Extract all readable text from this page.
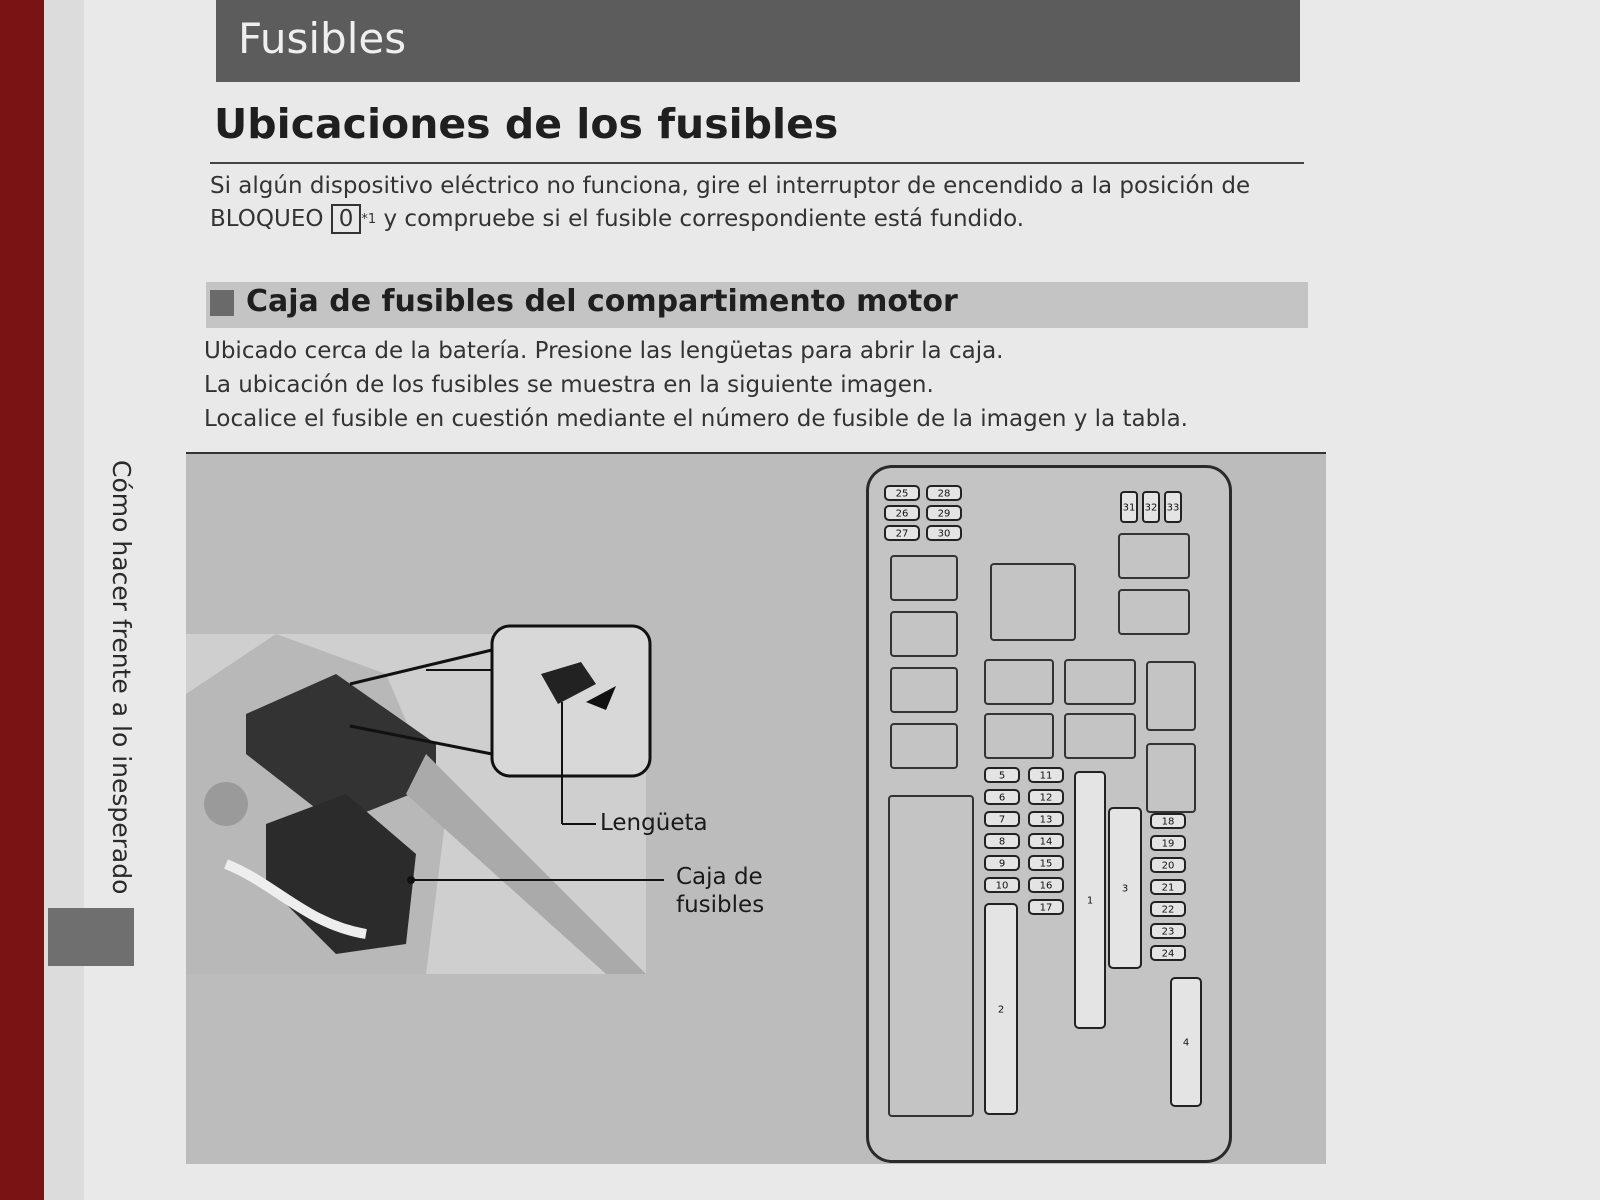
Cómo hacer frente a lo inesperado
Fusibles
Ubicaciones de los fusibles
Si algún dispositivo eléctrico no funciona, gire el interruptor de encendido a la posición de BLOQUEO 0 $^{*1}$ y compruebe si el fusible correspondiente está fundido.
Caja de fusibles del compartimento motor
Ubicado cerca de la batería. Presione las lengüetas para abrir la caja.
La ubicación de los fusibles se muestra en la siguiente imagen.
Localice el fusible en cuestión mediante el número de fusible de la imagen y la tabla.
Lengüeta
Caja de
fusibles
25	28
26	29
27	30
31 32 33
5
6
7
8
9
10
11
12
13
14
15
16
17
18
19
20
21
22
23
24
1
2
3
4
